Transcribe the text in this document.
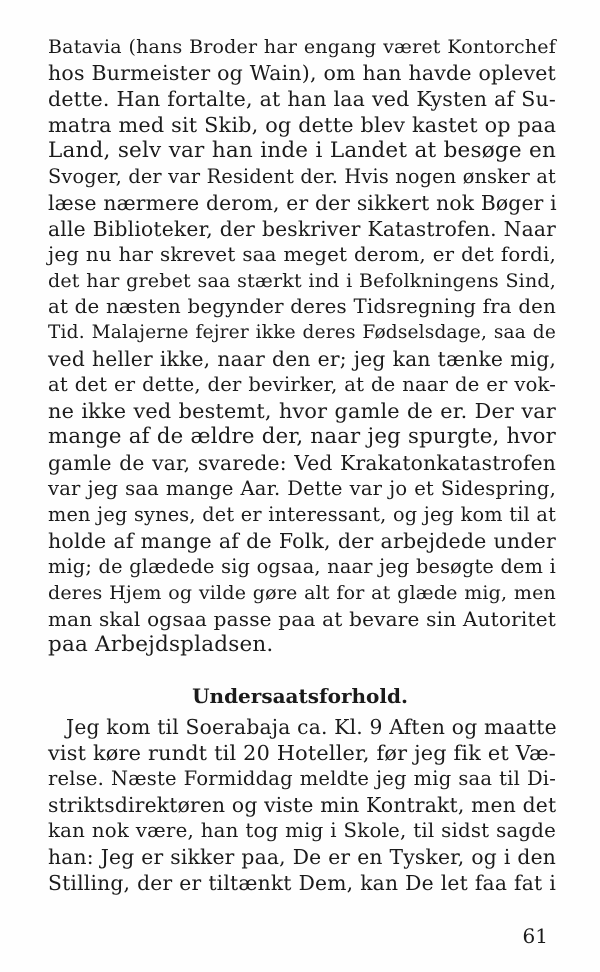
Batavia (hans Broder har engang været Kontorchef
hos Burmeister og Wain), om han havde oplevet
dette. Han fortalte, at han laa ved Kysten af Su-
matra med sit Skib, og dette blev kastet op paa
Land, selv var han inde i Landet at besøge en
Svoger, der var Resident der. Hvis nogen ønsker at
læse nærmere derom, er der sikkert nok Bøger i
alle Biblioteker, der beskriver Katastrofen. Naar
jeg nu har skrevet saa meget derom, er det fordi,
det har grebet saa stærkt ind i Befolkningens Sind,
at de næsten begynder deres Tidsregning fra den
Tid. Malajerne fejrer ikke deres Fødselsdage, saa de
ved heller ikke, naar den er; jeg kan tænke mig,
at det er dette, der bevirker, at de naar de er vok-
ne ikke ved bestemt, hvor gamle de er. Der var
mange af de ældre der, naar jeg spurgte, hvor
gamle de var, svarede: Ved Krakatonkatastrofen
var jeg saa mange Aar. Dette var jo et Sidespring,
men jeg synes, det er interessant, og jeg kom til at
holde af mange af de Folk, der arbejdede under
mig; de glædede sig ogsaa, naar jeg besøgte dem i
deres Hjem og vilde gøre alt for at glæde mig, men
man skal ogsaa passe paa at bevare sin Autoritet
paa Arbejdspladsen.
Undersaatsforhold.
Jeg kom til Soerabaja ca. Kl. 9 Aften og maatte
vist køre rundt til 20 Hoteller, før jeg fik et Væ-
relse. Næste Formiddag meldte jeg mig saa til Di-
striktsdirektøren og viste min Kontrakt, men det
kan nok være, han tog mig i Skole, til sidst sagde
han: Jeg er sikker paa, De er en Tysker, og i den
Stilling, der er tiltænkt Dem, kan De let faa fat i
61
